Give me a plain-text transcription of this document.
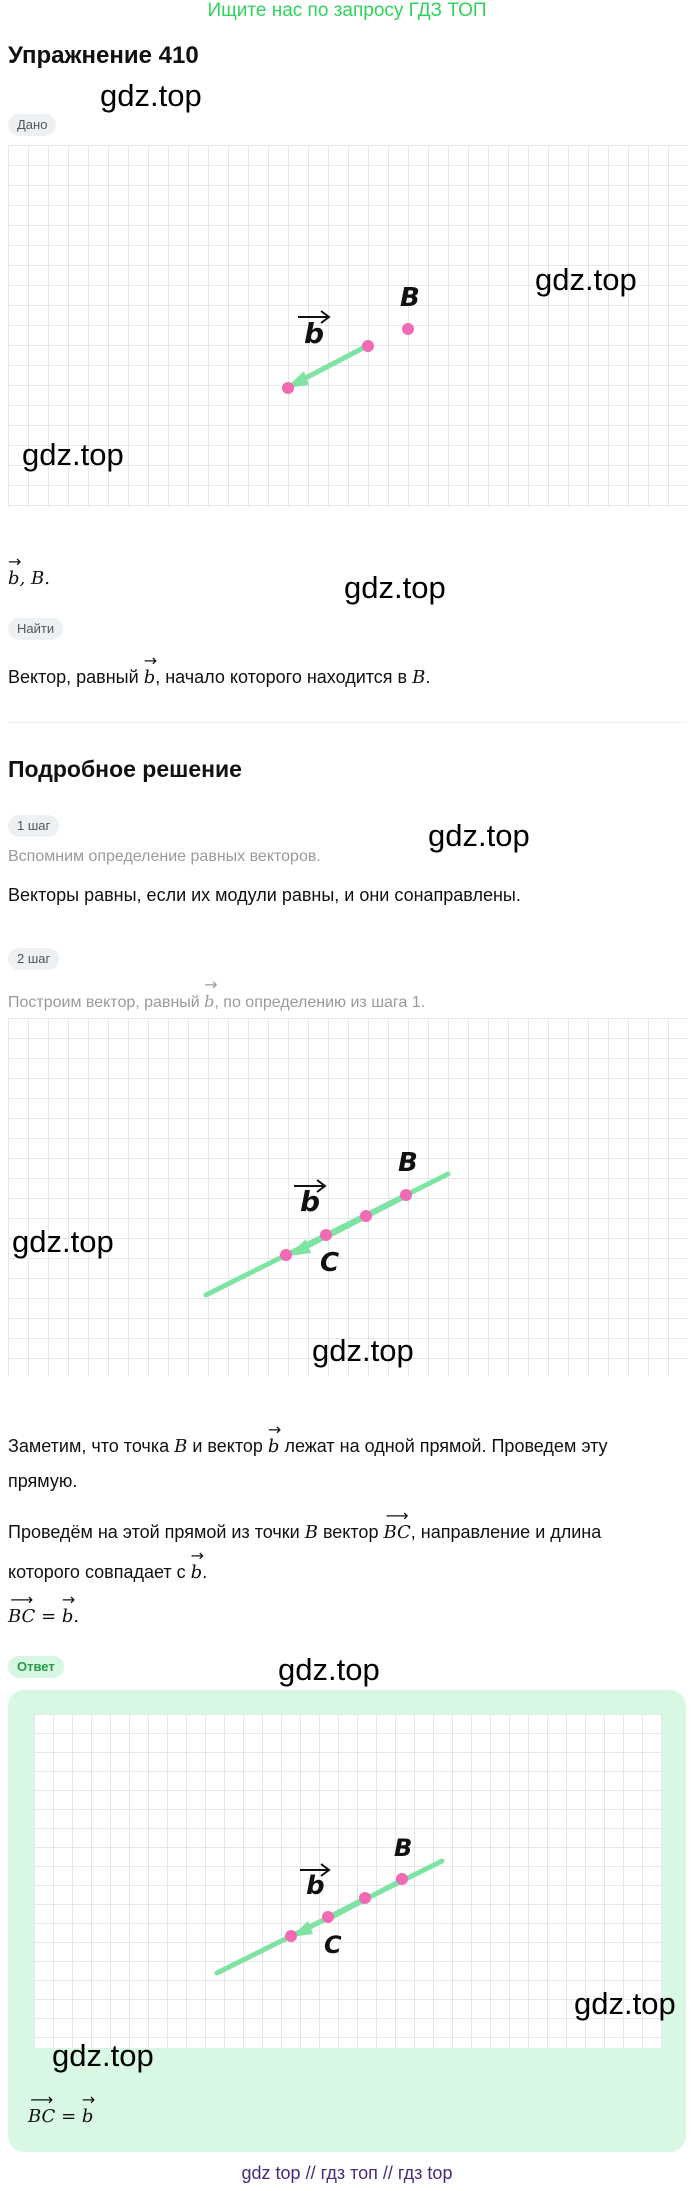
Ищите нас по запросу ГДЗ ТОП
Упражнение 410
gdz.top
Дано
B
b
gdz.top
gdz.top
→ b, B.	gdz.top
Найти
Вектор, равный → b, начало которого находится в B.
Подробное решение
1 шаг
Вспомним определение равных векторов.
gdz.top
Векторы равны, если их модули равны, и они сонаправлены.
2 шаг
Построим вектор, равный → b, по определению из шага 1.
B
C
b
gdz.top
gdz.top
Заметим, что точка B и вектор → b лежат на одной прямой. Проведем эту
прямую.
Проведём на этой прямой из точки B вектор ⟶ BC, направление и длина
которого совпадает с → b.
⟶ BC = → b.
Ответ	gdz.top
B
C
b
gdz.top
gdz.top
⟶ BC = → b
gdz top // гдз топ // гдз top
